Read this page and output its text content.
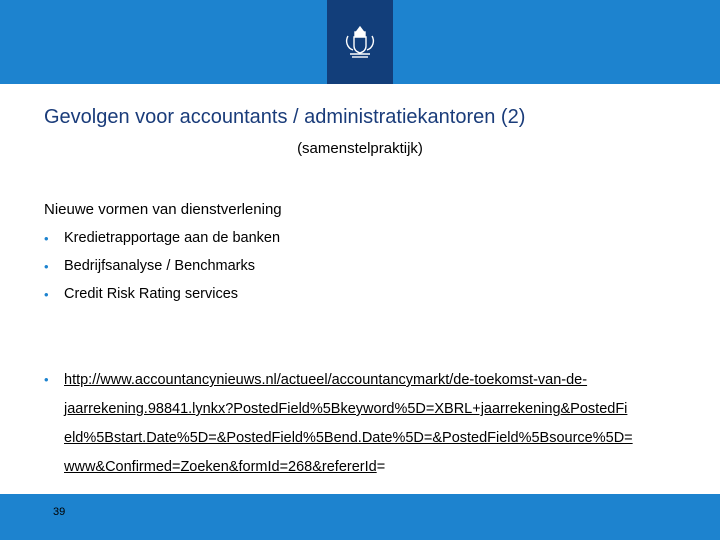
Gevolgen voor accountants / administratiekantoren (2)
(samenstelpraktijk)
Nieuwe vormen van dienstverlening
• Kredietrapportage aan de banken
• Bedrijfsanalyse / Benchmarks
• Credit Risk Rating services
• http://www.accountancynieuws.nl/actueel/accountancymarkt/de-toekomst-van-de-
jaarrekening.98841.lynkx?PostedField%5Bkeyword%5D=XBRL+jaarrekening&PostedFi
eld%5Bstart.Date%5D=&PostedField%5Bend.Date%5D=&PostedField%5Bsource%5D=
www&Confirmed=Zoeken&formId=268&refererId=
39
